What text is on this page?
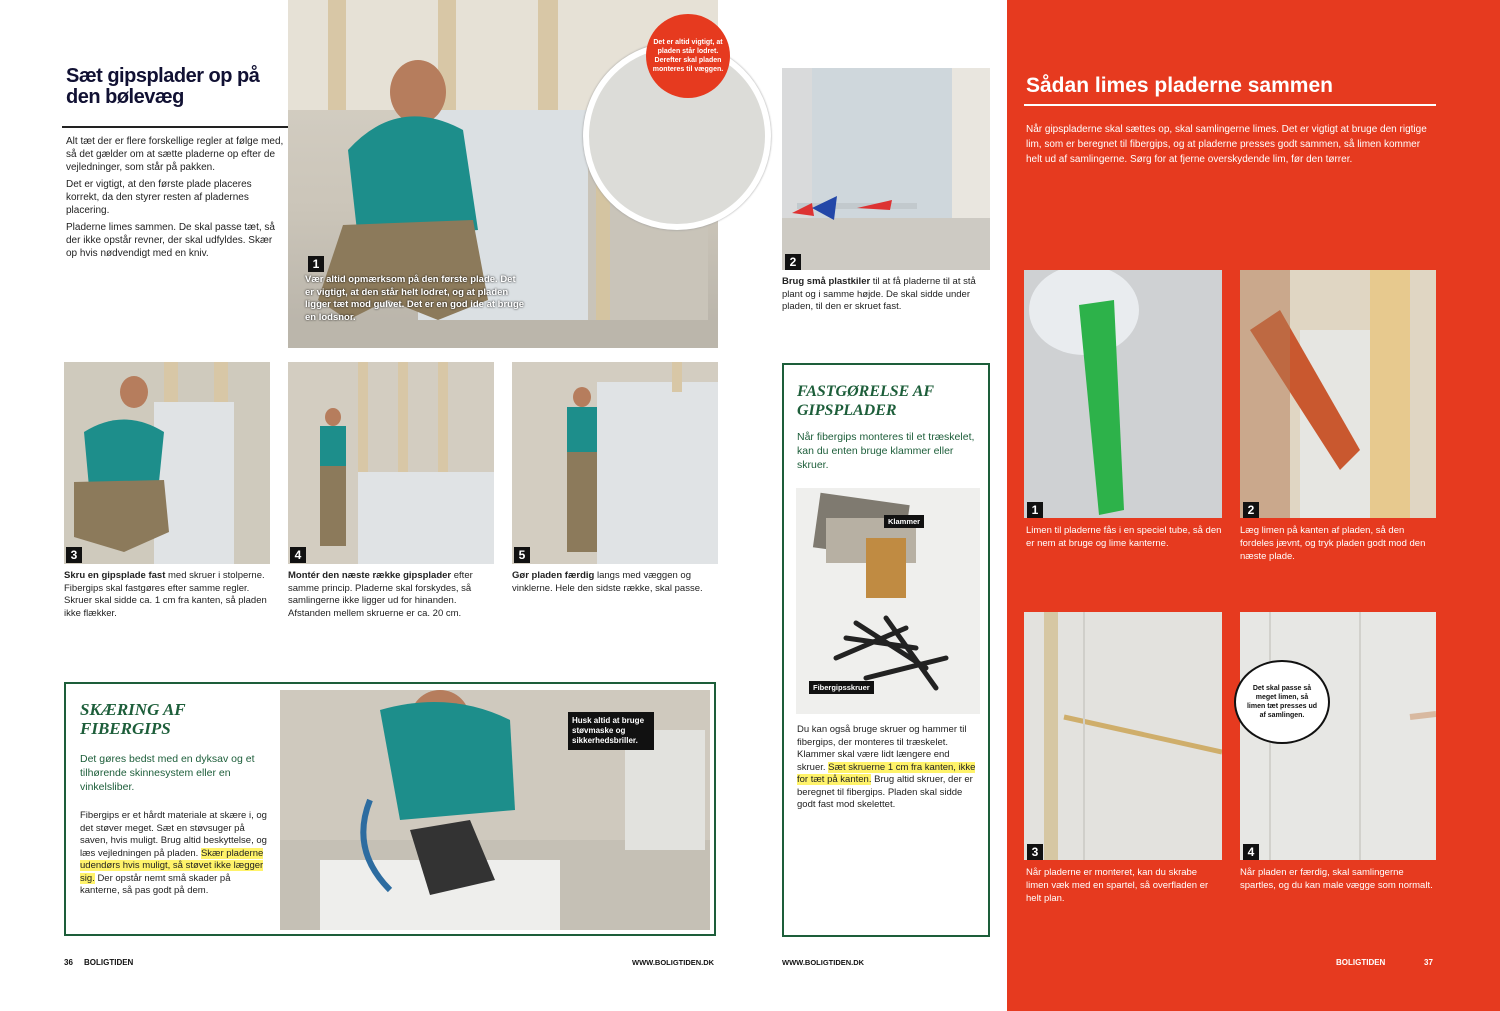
Sæt gipsplader op på den bølevæg

Alt tæt der er flere forskellige regler at følge med, så det gælder om at sætte pladerne op efter de vejledninger, som står på pakken.

Det er vigtigt, at den første plade placeres korrekt, da den styrer resten af pladernes placering.

Pladerne limes sammen. De skal passe tæt, så der ikke opstår revner, der skal udfyldes. Skær op hvis nødvendigt med en kniv.

Det er altid vigtigt, at pladen står lodret. Derefter skal pladen monteres til væggen.
1
Vær altid opmærksom på den første plade. Det er vigtigt, at den står helt lodret, og at pladen ligger tæt mod gulvet. Det er en god ide at bruge en lodsnor.
3
Skru en gipsplade fast med skruer i stolperne. Fibergips skal fastgøres efter samme regler. Skruer skal sidde ca. 1 cm fra kanten, så pladen ikke flækker.
4
Montér den næste række gipsplader efter samme princip. Pladerne skal forskydes, så samlingerne ikke ligger ud for hinanden. Afstanden mellem skruerne er ca. 20 cm.
5
Gør pladen færdig langs med væggen og vinklerne. Hele den sidste række, skal passe.
SKÆRING AF FIBERGIPS
Det gøres bedst med en dyksav og et tilhørende skinnesystem eller en vinkelsliber.
Fibergips er et hårdt materiale at skære i, og det støver meget. Sæt en støvsuger på saven, hvis muligt. Brug altid beskyttelse, og læs vejledningen på pladen. Skær pladerne udendørs hvis muligt, så støvet ikke lægger sig. Der opstår nemt små skader på kanterne, så pas godt på dem.
Husk altid at bruge støvmaske og sikkerhedsbriller.
36 BOLIGTIDEN	WWW.BOLIGTIDEN.DK
2
Brug små plastkiler til at få pladerne til at stå plant og i samme højde. De skal sidde under pladen, til den er skruet fast.
FASTGØRELSE AF GIPSPLADER
Når fibergips monteres til et træskelet, kan du enten bruge klammer eller skruer.
Klammer
Fibergipsskruer
Du kan også bruge skruer og hammer til fibergips, der monteres til træskelet. Klammer skal være lidt længere end skruer. Sæt skruerne 1 cm fra kanten, ikke for tæt på kanten. Brug altid skruer, der er beregnet til fibergips. Pladen skal sidde godt fast mod skelettet.
WWW.BOLIGTIDEN.DK
Sådan limes pladerne sammen
Når gipspladerne skal sættes op, skal samlingerne limes. Det er vigtigt at bruge den rigtige lim, som er beregnet til fibergips, og at pladerne presses godt sammen, så limen kommer helt ud af samlingerne. Sørg for at fjerne overskydende lim, før den tørrer.
1
Limen til pladerne fås i en speciel tube, så den er nem at bruge og lime kanterne.
2
Læg limen på kanten af pladen, så den fordeles jævnt, og tryk pladen godt mod den næste plade.
3
Når pladerne er monteret, kan du skrabe limen væk med en spartel, så overfladen er helt plan.
Det skal passe så meget limen, så limen tæt presses ud af samlingen.
4
Når pladen er færdig, skal samlingerne spartles, og du kan male vægge som normalt.
BOLIGTIDEN	37
